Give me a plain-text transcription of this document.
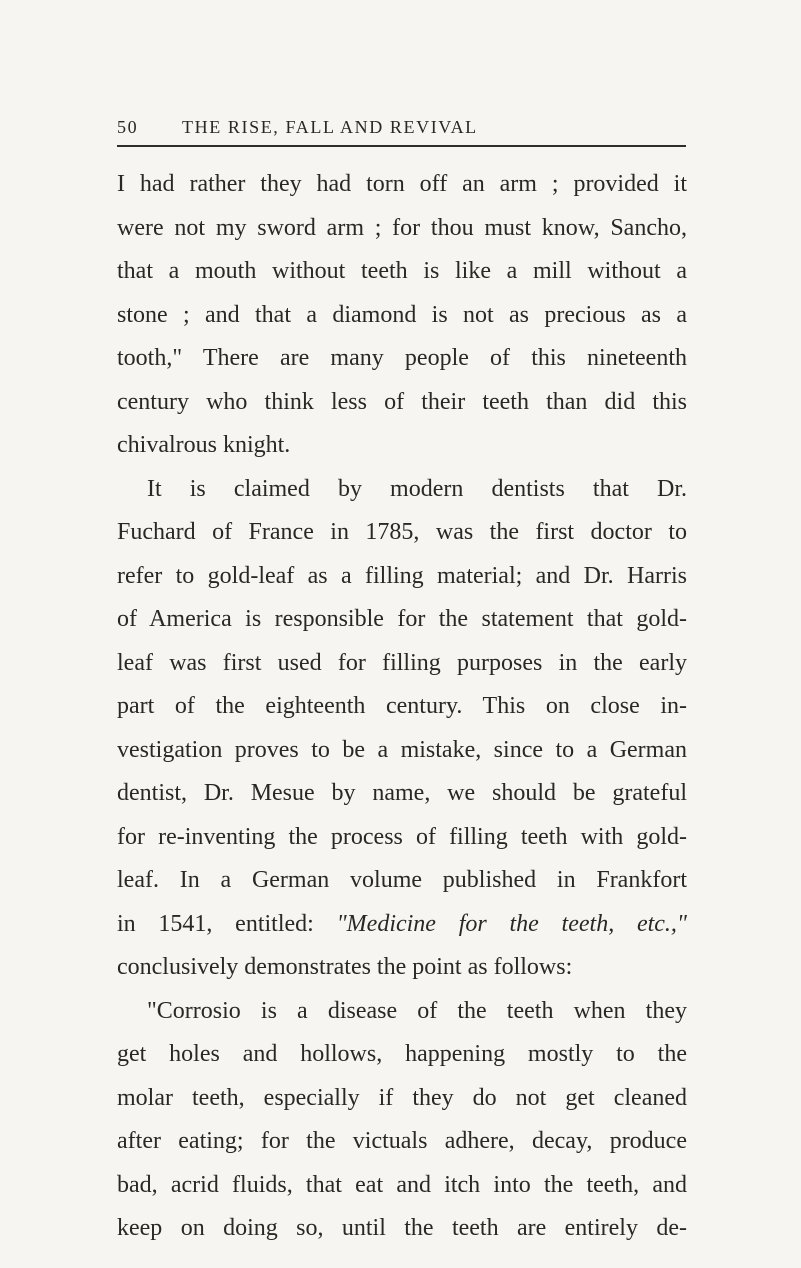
50 THE RISE, FALL AND REVIVAL
I had rather they had torn off an arm ; provided it
were not my sword arm ; for thou must know, Sancho,
that a mouth without teeth is like a mill without a
stone ; and that a diamond is not as precious as a
tooth," There are many people of this nineteenth
century who think less of their teeth than did this
chivalrous knight.
It is claimed by modern dentists that Dr.
Fuchard of France in 1785, was the first doctor to
refer to gold-leaf as a filling material; and Dr. Harris
of America is responsible for the statement that gold-
leaf was first used for filling purposes in the early
part of the eighteenth century. This on close in-
vestigation proves to be a mistake, since to a German
dentist, Dr. Mesue by name, we should be grateful
for re-inventing the process of filling teeth with gold-
leaf. In a German volume published in Frankfort
in 1541, entitled: "Medicine for the teeth, etc.,"
conclusively demonstrates the point as follows:
"Corrosio is a disease of the teeth when they
get holes and hollows, happening mostly to the
molar teeth, especially if they do not get cleaned
after eating; for the victuals adhere, decay, produce
bad, acrid fluids, that eat and itch into the teeth, and
keep on doing so, until the teeth are entirely de-
